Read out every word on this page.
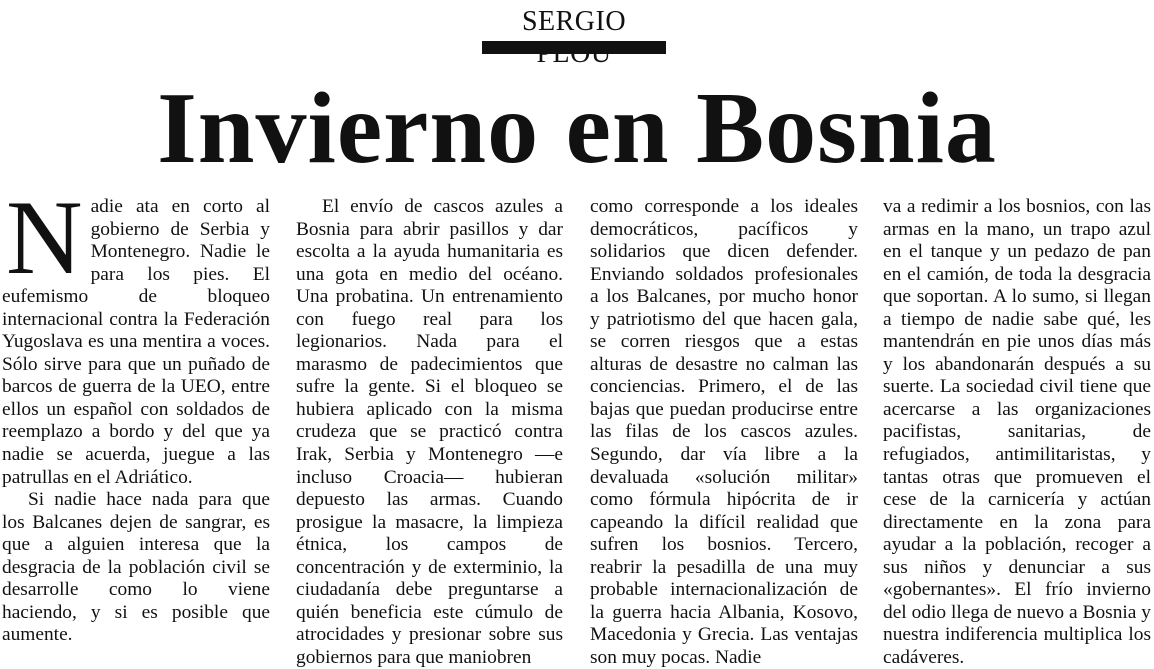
SERGIO
Invierno en Bosnia

Nadie ata en corto al gobierno de Serbia y Montenegro. Nadie le para los pies. El eufemismo de bloqueo internacional contra la Federación Yugoslava es una mentira a voces. Sólo sirve para que un puñado de barcos de guerra de la UEO, entre ellos un español con soldados de reemplazo a bordo y del que ya nadie se acuerda, juegue a las patrullas en el Adriático.

Si nadie hace nada para que los Balcanes dejen de sangrar, es que a alguien interesa que la desgracia de la población civil se desarrolle como lo viene haciendo, y si es posible que aumente.

El envío de cascos azules a Bosnia para abrir pasillos y dar escolta a la ayuda humanitaria es una gota en medio del océano. Una probatina. Un entrenamiento con fuego real para los legionarios. Nada para el marasmo de padecimientos que sufre la gente. Si el bloqueo se hubiera aplicado con la misma crudeza que se practicó contra Irak, Serbia y Montenegro —e incluso Croacia— hubieran depuesto las armas. Cuando prosigue la masacre, la limpieza étnica, los campos de concentración y de exterminio, la ciudadanía debe preguntarse a quién beneficia este cúmulo de atrocidades y presionar sobre sus gobiernos para que maniobren

como corresponde a los ideales democráticos, pacíficos y solidarios que dicen defender. Enviando soldados profesionales a los Balcanes, por mucho honor y patriotismo del que hacen gala, se corren riesgos que a estas alturas de desastre no calman las conciencias. Primero, el de las bajas que puedan producirse entre las filas de los cascos azules. Segundo, dar vía libre a la devaluada «solución militar» como fórmula hipócrita de ir capeando la difícil realidad que sufren los bosnios. Tercero, reabrir la pesadilla de una muy probable internacionalización de la guerra hacia Albania, Kosovo, Macedonia y Grecia. Las ventajas son muy pocas. Nadie

va a redimir a los bosnios, con las armas en la mano, un trapo azul en el tanque y un pedazo de pan en el camión, de toda la desgracia que soportan. A lo sumo, si llegan a tiempo de nadie sabe qué, les mantendrán en pie unos días más y los abandonarán después a su suerte. La sociedad civil tiene que acercarse a las organizaciones pacifistas, sanitarias, de refugiados, antimilitaristas, y tantas otras que promueven el cese de la carnicería y actúan directamente en la zona para ayudar a la población, recoger a sus niños y denunciar a sus «gobernantes». El frío invierno del odio llega de nuevo a Bosnia y nuestra indiferencia multiplica los cadáveres.
